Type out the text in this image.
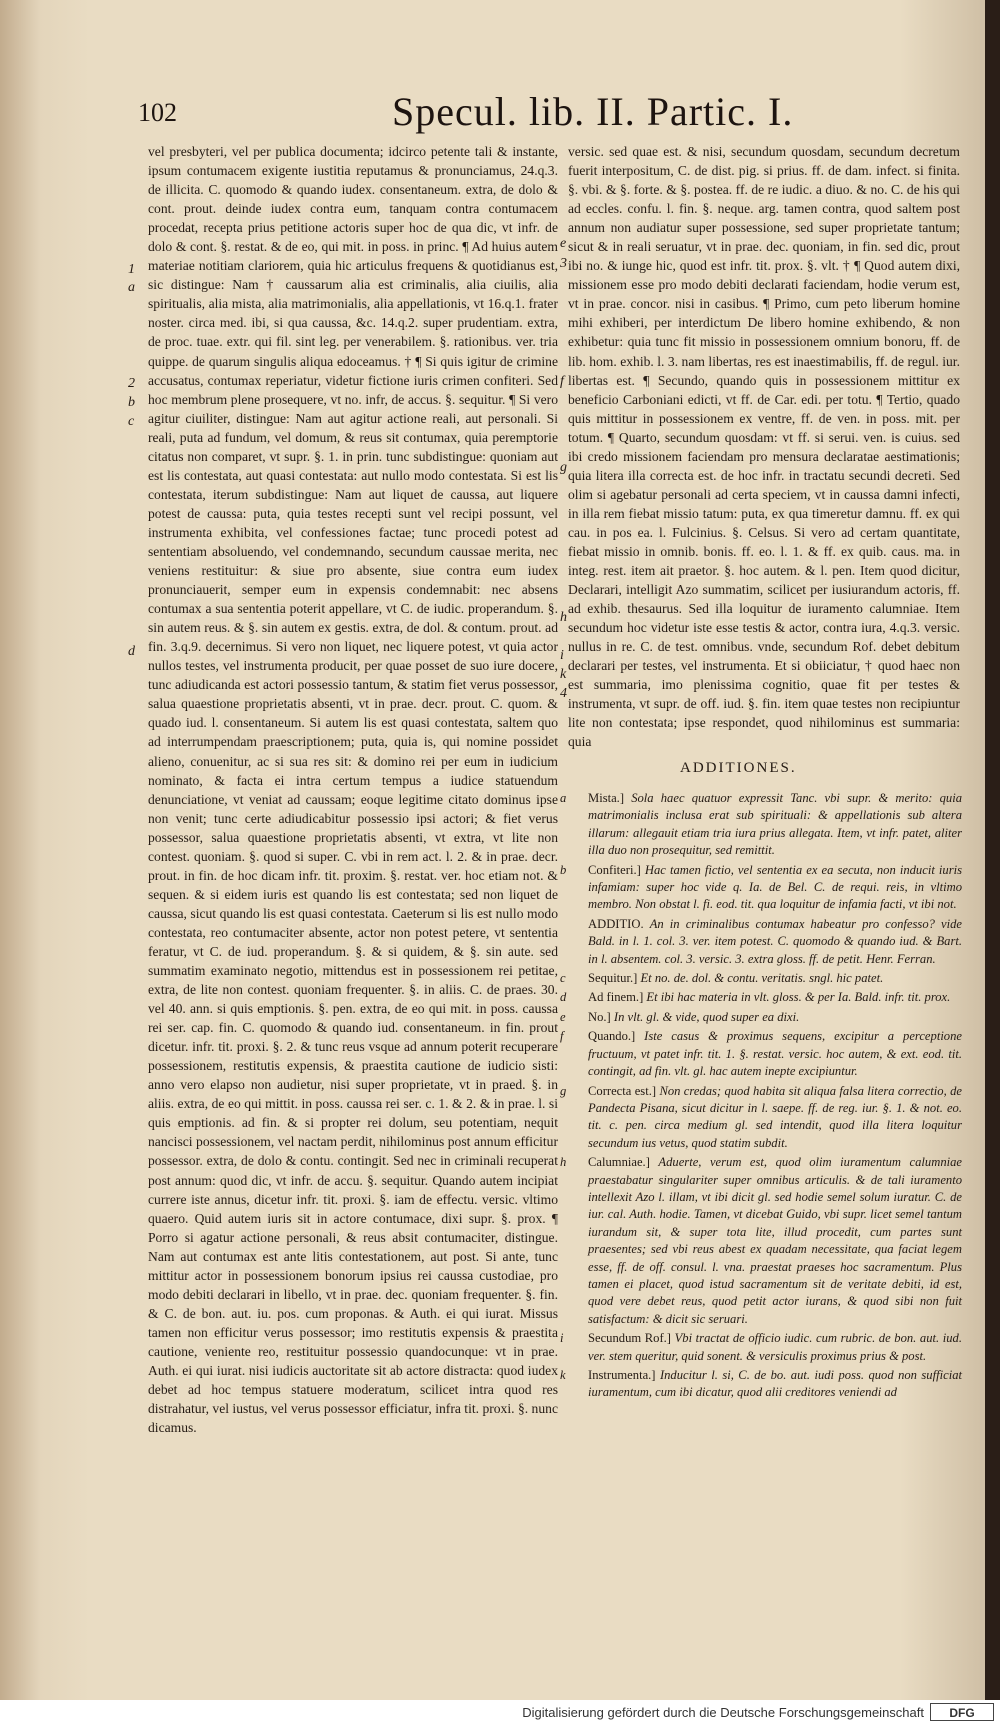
102	Specul. lib. II. Partic. I.
1
a
2
b
c
d

vel presbyteri, vel per publica documenta; idcirco petente tali & instante, ipsum contumacem exigente iustitia reputamus & pronunciamus, 24.q.3. de illicita. C. quomodo & quando iudex. consentaneum. extra, de dolo & cont. prout. deinde iudex contra eum, tanquam contra contumacem procedat, recepta prius petitione actoris super hoc de qua dic, vt infr. de dolo & cont. §. restat. & de eo, qui mit. in poss. in princ. ¶ Ad huius autem materiae notitiam clariorem, quia hic articulus frequens & quotidianus est, sic distingue: Nam † caussarum alia est criminalis, alia ciuilis, alia spiritualis, alia mista, alia matrimonialis, alia appellationis, vt 16.q.1. frater noster. circa med. ibi, si qua caussa, &c. 14.q.2. super prudentiam. extra, de proc. tuae. extr. qui fil. sint leg. per venerabilem. §. rationibus. ver. tria quippe. de quarum singulis aliqua edoceamus. † ¶ Si quis igitur de crimine accusatus, contumax reperiatur, videtur fictione iuris crimen confiteri. Sed hoc membrum plene prosequere, vt no. infr, de accus. §. sequitur. ¶ Si vero agitur ciuiliter, distingue: Nam aut agitur actione reali, aut personali. Si reali, puta ad fundum, vel domum, & reus sit contumax, quia peremptorie citatus non comparet, vt supr. §. 1. in prin. tunc subdistingue: quoniam aut est lis contestata, aut quasi contestata: aut nullo modo contestata. Si est lis contestata, iterum subdistingue: Nam aut liquet de caussa, aut liquere potest de caussa: puta, quia testes recepti sunt vel recipi possunt, vel instrumenta exhibita, vel confessiones factae; tunc procedi potest ad sententiam absoluendo, vel condemnando, secundum caussae merita, nec veniens restituitur: & siue pro absente, siue contra eum iudex pronunciauerit, semper eum in expensis condemnabit: nec absens contumax a sua sententia poterit appellare, vt C. de iudic. properandum. §. sin autem reus. & §. sin autem ex gestis. extra, de dol. & contum. prout. ad fin. 3.q.9. decernimus. Si vero non liquet, nec liquere potest, vt quia actor nullos testes, vel instrumenta producit, per quae posset de suo iure docere, tunc adiudicanda est actori possessio tantum, & statim fiet verus possessor, salua quaestione proprietatis absenti, vt in prae. decr. prout. C. quom. & quado iud. l. consentaneum. Si autem lis est quasi contestata, saltem quo ad interrumpendam praescriptionem; puta, quia is, qui nomine possidet alieno, conuenitur, ac si sua res sit: & domino rei per eum in iudicium nominato, & facta ei intra certum tempus a iudice statuendum denunciatione, vt veniat ad caussam; eoque legitime citato dominus ipse non venit; tunc certe adiudicabitur possessio ipsi actori; & fiet verus possessor, salua quaestione proprietatis absenti, vt extra, vt lite non contest. quoniam. §. quod si super. C. vbi in rem act. l. 2. & in prae. decr. prout. in fin. de hoc dicam infr. tit. proxim. §. restat. ver. hoc etiam not. & sequen. & si eidem iuris est quando lis est contestata; sed non liquet de caussa, sicut quando lis est quasi contestata. Caeterum si lis est nullo modo contestata, reo contumaciter absente, actor non potest petere, vt sententia feratur, vt C. de iud. properandum. §. & si quidem, & §. sin aute. sed summatim examinato negotio, mittendus est in possessionem rei petitae, extra, de lite non contest. quoniam frequenter. §. in aliis. C. de praes. 30. vel 40. ann. si quis emptionis. §. pen. extra, de eo qui mit. in poss. caussa rei ser. cap. fin. C. quomodo & quando iud. consentaneum. in fin. prout dicetur. infr. tit. proxi. §. 2. & tunc reus vsque ad annum poterit recuperare possessionem, restitutis expensis, & praestita cautione de iudicio sisti: anno vero elapso non audietur, nisi super proprietate, vt in praed. §. in aliis. extra, de eo qui mittit. in poss. caussa rei ser. c. 1. & 2. & in prae. l. si quis emptionis. ad fin. & si propter rei dolum, seu potentiam, nequit nancisci possessionem, vel nactam perdit, nihilominus post annum efficitur possessor. extra, de dolo & contu. contingit. Sed nec in criminali recuperat post annum: quod dic, vt infr. de accu. §. sequitur. Quando autem incipiat currere iste annus, dicetur infr. tit. proxi. §. iam de effectu. versic. vltimo quaero. Quid autem iuris sit in actore contumace, dixi supr. §. prox. ¶ Porro si agatur actione personali, & reus absit contumaciter, distingue. Nam aut contumax est ante litis contestationem, aut post. Si ante, tunc mittitur actor in possessionem bonorum ipsius rei caussa custodiae, pro modo debiti declarari in libello, vt in prae. dec. quoniam frequenter. §. fin. & C. de bon. aut. iu. pos. cum proponas. & Auth. ei qui iurat. Missus tamen non efficitur verus possessor; imo restitutis expensis & praestita cautione, veniente reo, restituitur possessio quandocunque: vt in prae. Auth. ei qui iurat. nisi iudicis auctoritate sit ab actore distracta: quod iudex debet ad hoc tempus statuere moderatum, scilicet intra quod res distrahatur, vel iustus, vel verus possessor efficiatur, infra tit. proxi. §. nunc dicamus.

e
3
f
g
h
i
k
4

versic. sed quae est. & nisi, secundum quosdam, secundum decretum fuerit interpositum, C. de dist. pig. si prius. ff. de dam. infect. si finita. §. vbi. & §. forte. & §. postea. ff. de re iudic. a diuo. & no. C. de his qui ad eccles. confu. l. fin. §. neque. arg. tamen contra, quod saltem post annum non audiatur super possessione, sed super proprietate tantum; sicut & in reali seruatur, vt in prae. dec. quoniam, in fin. sed dic, prout ibi no. & iunge hic, quod est infr. tit. prox. §. vlt. † ¶ Quod autem dixi, missionem esse pro modo debiti declarati faciendam, hodie verum est, vt in prae. concor. nisi in casibus. ¶ Primo, cum peto liberum homine mihi exhiberi, per interdictum De libero homine exhibendo, & non exhibetur: quia tunc fit missio in possessionem omnium bonoru, ff. de lib. hom. exhib. l. 3. nam libertas, res est inaestimabilis, ff. de regul. iur. libertas est. ¶ Secundo, quando quis in possessionem mittitur ex beneficio Carboniani edicti, vt ff. de Car. edi. per totu. ¶ Tertio, quado quis mittitur in possessionem ex ventre, ff. de ven. in poss. mit. per totum. ¶ Quarto, secundum quosdam: vt ff. si serui. ven. is cuius. sed ibi credo missionem faciendam pro mensura declaratae aestimationis; quia litera illa correcta est. de hoc infr. in tractatu secundi decreti. Sed olim si agebatur personali ad certa speciem, vt in caussa damni infecti, in illa rem fiebat missio tatum: puta, ex qua timeretur damnu. ff. ex qui cau. in pos ea. l. Fulcinius. §. Celsus. Si vero ad certam quantitate, fiebat missio in omnib. bonis. ff. eo. l. 1. & ff. ex quib. caus. ma. in integ. rest. item ait praetor. §. hoc autem. & l. pen. Item quod dicitur, Declarari, intelligit Azo summatim, scilicet per iusiurandum actoris, ff. ad exhib. thesaurus. Sed illa loquitur de iuramento calumniae. Item secundum hoc videtur iste esse testis & actor, contra iura, 4.q.3. versic. nullus in re. C. de test. omnibus. vnde, secundum Rof. debet debitum declarari per testes, vel instrumenta. Et si obiiciatur, † quod haec non est summaria, imo plenissima cognitio, quae fit per testes & instrumenta, vt supr. de off. iud. §. fin. item quae testes non recipiuntur lite non contestata; ipse respondet, quod nihilominus est summaria: quia

ADDITIONES.
a Mista.] Sola haec quatuor expressit Tanc. vbi supr. & merito: quia matrimonialis inclusa erat sub spirituali: & appellationis sub altera illarum: allegauit etiam tria iura prius allegata. Item, vt infr. patet, aliter illa duo non prosequitur, sed remittit.
b Confiteri.] Hac tamen fictio, vel sententia ex ea secuta, non inducit iuris infamiam: super hoc vide q. Ia. de Bel. C. de requi. reis, in vltimo membro. Non obstat l. fi. eod. tit. qua loquitur de infamia facti, vt ibi not.
ADDITIO. An in criminalibus contumax habeatur pro confesso? vide Bald. in l. 1. col. 3. ver. item potest. C. quomodo & quando iud. & Bart. in l. absentem. col. 3. versic. 3. extra gloss. ff. de petit. Henr. Ferran.
c Sequitur.] Et no. de. dol. & contu. veritatis. sngl. hic patet.
d Ad finem.] Et ibi hac materia in vlt. gloss. & per Ia. Bald. infr. tit. prox.
e No.] In vlt. gl. & vide, quod super ea dixi.
f Quando.] Iste casus & proximus sequens, excipitur a perceptione fructuum, vt patet infr. tit. 1. §. restat. versic. hoc autem, & ext. eod. tit. contingit, ad fin. vlt. gl. hac autem inepte excipiuntur.
g Correcta est.] Non credas; quod habita sit aliqua falsa litera correctio, de Pandecta Pisana, sicut dicitur in l. saepe. ff. de reg. iur. §. 1. & not. eo. tit. c. pen. circa medium gl. sed intendit, quod illa litera loquitur secundum ius vetus, quod statim subdit.
h Calumniae.] Aduerte, verum est, quod olim iuramentum calumniae praestabatur singulariter super omnibus articulis. & de tali iuramento intellexit Azo l. illam, vt ibi dicit gl. sed hodie semel solum iuratur. C. de iur. cal. Auth. hodie. Tamen, vt dicebat Guido, vbi supr. licet semel tantum iurandum sit, & super tota lite, illud procedit, cum partes sunt praesentes; sed vbi reus abest ex quadam necessitate, qua faciat legem esse, ff. de off. consul. l. vna. praestat praeses hoc sacramentum. Plus tamen ei placet, quod istud sacramentum sit de veritate debiti, id est, quod vere debet reus, quod petit actor iurans, & quod sibi non fuit satisfactum: & dicit sic seruari.
i Secundum Rof.] Vbi tractat de officio iudic. cum rubric. de bon. aut. iud. ver. stem queritur, quid sonent. & versiculis proximus prius & post.
k Instrumenta.] Inducitur l. si, C. de bo. aut. iudi poss. quod non sufficiat iuramentum, cum ibi dicatur, quod alii creditores veniendi ad
Digitalisierung gefördert durch die Deutsche Forschungsgemeinschaft	DFG
